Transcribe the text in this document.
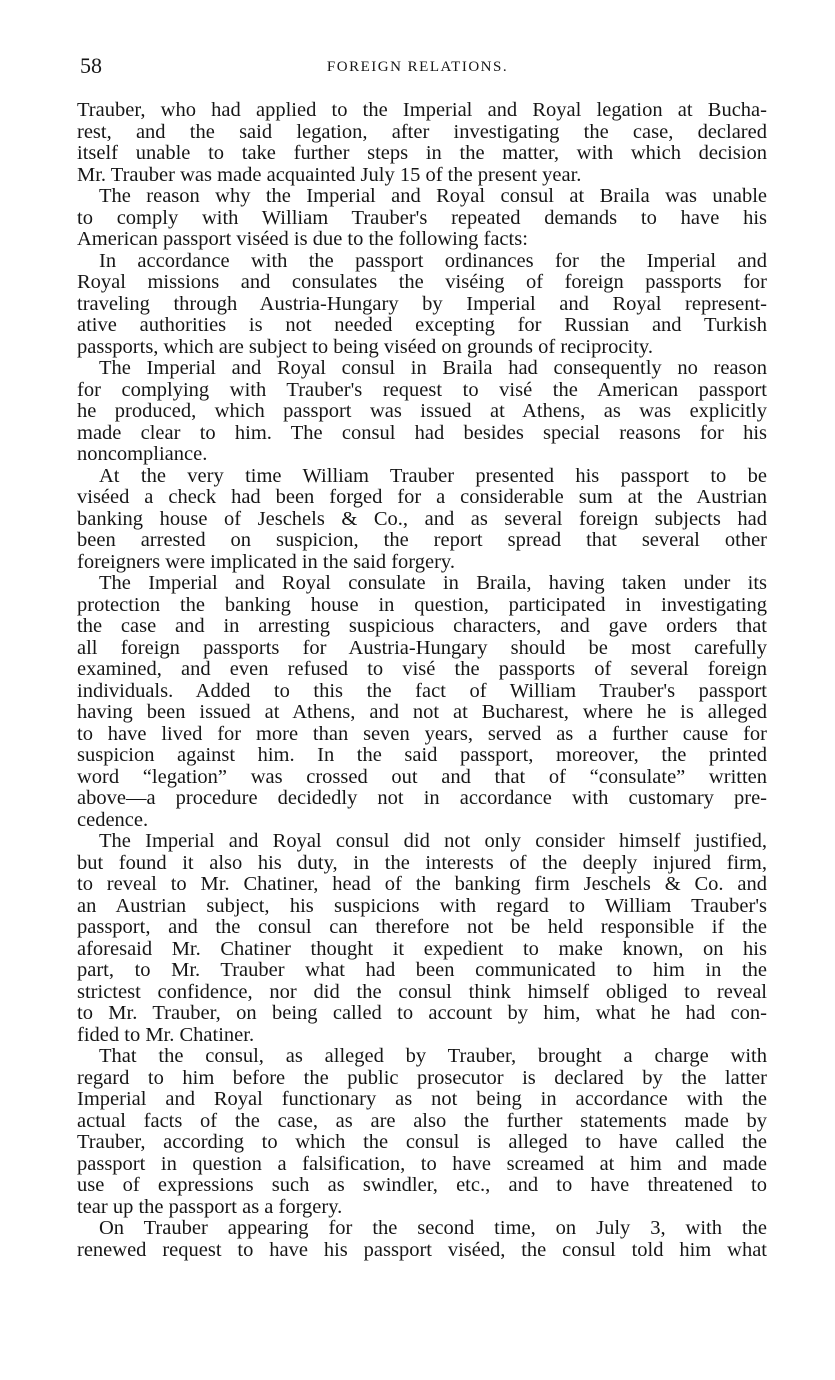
58	FOREIGN RELATIONS.
Trauber, who had applied to the Imperial and Royal legation at Bucha-
rest, and the said legation, after investigating the case, declared
itself unable to take further steps in the matter, with which decision
Mr. Trauber was made acquainted July 15 of the present year.
The reason why the Imperial and Royal consul at Braila was unable
to comply with William Trauber's repeated demands to have his
American passport viséed is due to the following facts:
In accordance with the passport ordinances for the Imperial and
Royal missions and consulates the viséing of foreign passports for
traveling through Austria-Hungary by Imperial and Royal represent-
ative authorities is not needed excepting for Russian and Turkish
passports, which are subject to being viséed on grounds of reciprocity.
The Imperial and Royal consul in Braila had consequently no reason
for complying with Trauber's request to visé the American passport
he produced, which passport was issued at Athens, as was explicitly
made clear to him. The consul had besides special reasons for his
noncompliance.
At the very time William Trauber presented his passport to be
viséed a check had been forged for a considerable sum at the Austrian
banking house of Jeschels & Co., and as several foreign subjects had
been arrested on suspicion, the report spread that several other
foreigners were implicated in the said forgery.
The Imperial and Royal consulate in Braila, having taken under its
protection the banking house in question, participated in investigating
the case and in arresting suspicious characters, and gave orders that
all foreign passports for Austria-Hungary should be most carefully
examined, and even refused to visé the passports of several foreign
individuals. Added to this the fact of William Trauber's passport
having been issued at Athens, and not at Bucharest, where he is alleged
to have lived for more than seven years, served as a further cause for
suspicion against him. In the said passport, moreover, the printed
word “legation” was crossed out and that of “consulate” written
above—a procedure decidedly not in accordance with customary pre-
cedence.
The Imperial and Royal consul did not only consider himself justified,
but found it also his duty, in the interests of the deeply injured firm,
to reveal to Mr. Chatiner, head of the banking firm Jeschels & Co. and
an Austrian subject, his suspicions with regard to William Trauber's
passport, and the consul can therefore not be held responsible if the
aforesaid Mr. Chatiner thought it expedient to make known, on his
part, to Mr. Trauber what had been communicated to him in the
strictest confidence, nor did the consul think himself obliged to reveal
to Mr. Trauber, on being called to account by him, what he had con-
fided to Mr. Chatiner.
That the consul, as alleged by Trauber, brought a charge with
regard to him before the public prosecutor is declared by the latter
Imperial and Royal functionary as not being in accordance with the
actual facts of the case, as are also the further statements made by
Trauber, according to which the consul is alleged to have called the
passport in question a falsification, to have screamed at him and made
use of expressions such as swindler, etc., and to have threatened to
tear up the passport as a forgery.
On Trauber appearing for the second time, on July 3, with the
renewed request to have his passport viséed, the consul told him what
